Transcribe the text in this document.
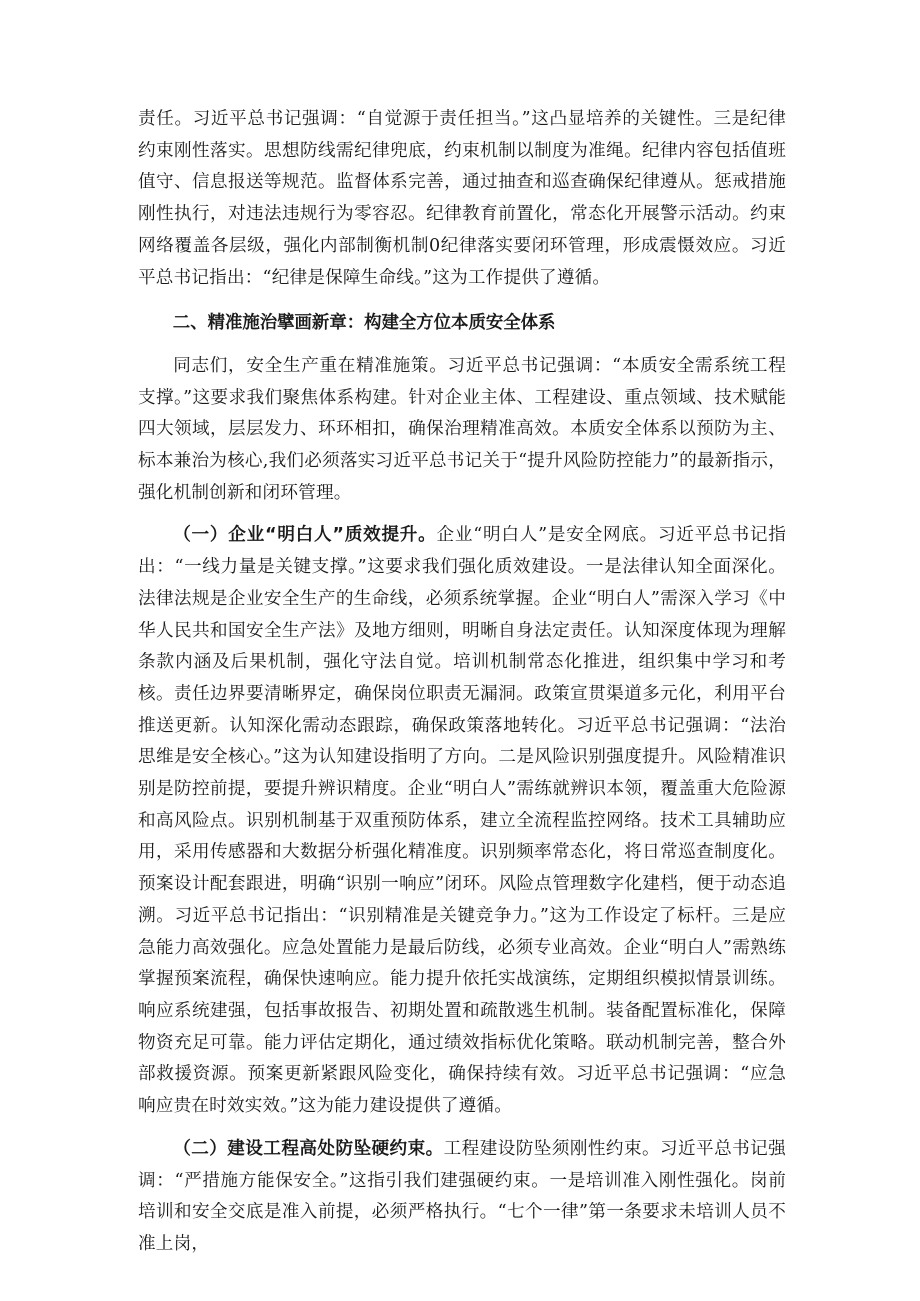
责任。习近平总书记强调：“自觉源于责任担当。”这凸显培养的关键性。三是纪律约束刚性落实。思想防线需纪律兜底，约束机制以制度为准绳。纪律内容包括值班值守、信息报送等规范。监督体系完善，通过抽查和巡查确保纪律遵从。惩戒措施刚性执行，对违法违规行为零容忍。纪律教育前置化，常态化开展警示活动。约束网络覆盖各层级，强化内部制衡机制0纪律落实要闭环管理，形成震慑效应。习近平总书记指出：“纪律是保障生命线。”这为工作提供了遵循。

二、精准施治擘画新章：构建全方位本质安全体系

同志们，安全生产重在精准施策。习近平总书记强调：“本质安全需系统工程支撑。”这要求我们聚焦体系构建。针对企业主体、工程建设、重点领域、技术赋能四大领域，层层发力、环环相扣，确保治理精准高效。本质安全体系以预防为主、标本兼治为核心,我们必须落实习近平总书记关于“提升风险防控能力”的最新指示，强化机制创新和闭环管理。

（一）企业“明白人”质效提升。企业“明白人”是安全网底。习近平总书记指出：“一线力量是关键支撑。”这要求我们强化质效建设。一是法律认知全面深化。法律法规是企业安全生产的生命线，必须系统掌握。企业“明白人”需深入学习《中华人民共和国安全生产法》及地方细则，明晰自身法定责任。认知深度体现为理解条款内涵及后果机制，强化守法自觉。培训机制常态化推进，组织集中学习和考核。责任边界要清晰界定，确保岗位职责无漏洞。政策宣贯渠道多元化，利用平台推送更新。认知深化需动态跟踪，确保政策落地转化。习近平总书记强调：“法治思维是安全核心。”这为认知建设指明了方向。二是风险识别强度提升。风险精准识别是防控前提，要提升辨识精度。企业“明白人”需练就辨识本领，覆盖重大危险源和高风险点。识别机制基于双重预防体系，建立全流程监控网络。技术工具辅助应用，采用传感器和大数据分析强化精准度。识别频率常态化，将日常巡查制度化。预案设计配套跟进，明确“识别一响应”闭环。风险点管理数字化建档，便于动态追溯。习近平总书记指出：“识别精准是关键竞争力。”这为工作设定了标杆。三是应急能力高效强化。应急处置能力是最后防线，必须专业高效。企业“明白人”需熟练掌握预案流程，确保快速响应。能力提升依托实战演练，定期组织模拟情景训练。响应系统建强，包括事故报告、初期处置和疏散逃生机制。装备配置标准化，保障物资充足可靠。能力评估定期化，通过绩效指标优化策略。联动机制完善，整合外部救援资源。预案更新紧跟风险变化，确保持续有效。习近平总书记强调：“应急响应贵在时效实效。”这为能力建设提供了遵循。

（二）建设工程高处防坠硬约束。工程建设防坠须刚性约束。习近平总书记强调：“严措施方能保安全。”这指引我们建强硬约束。一是培训准入刚性强化。岗前培训和安全交底是准入前提，必须严格执行。“七个一律”第一条要求未培训人员不准上岗，
